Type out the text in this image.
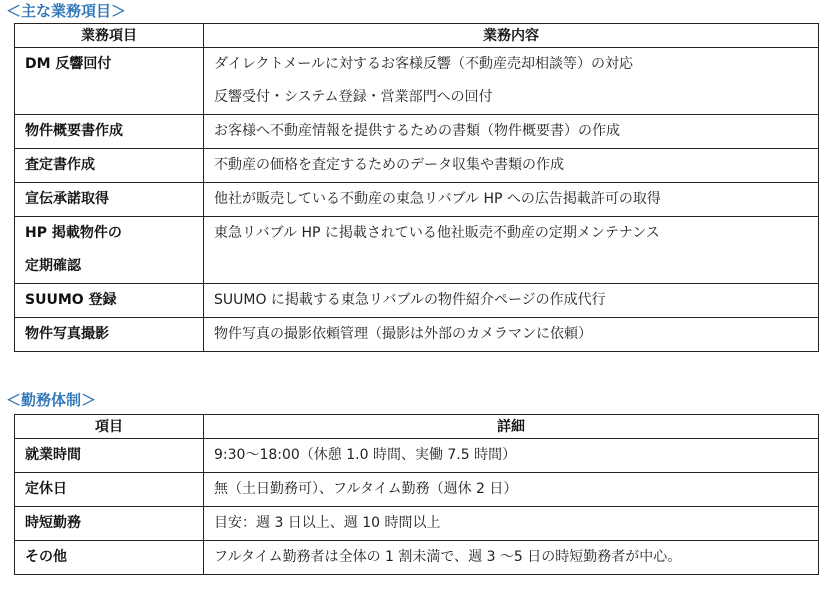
＜主な業務項目＞
業務項目	業務内容

DM 反響回付	ダイレクトメールに対するお客様反響（不動産売却相談等）の対応
反響受付・システム登録・営業部門への回付

物件概要書作成	お客様へ不動産情報を提供するための書類（物件概要書）の作成

査定書作成	不動産の価格を査定するためのデータ収集や書類の作成

宣伝承諾取得	他社が販売している不動産の東急リバブル HP への広告掲載許可の取得

HP 掲載物件の
定期確認	東急リバブル HP に掲載されている他社販売不動産の定期メンテナンス

SUUMO 登録	SUUMO に掲載する東急リバブルの物件紹介ページの作成代行

物件写真撮影	物件写真の撮影依頼管理（撮影は外部のカメラマンに依頼）
＜勤務体制＞
項目	詳細

就業時間	9:30〜18:00（休憩 1.0 時間、実働 7.5 時間）

定休日	無（土日勤務可）、フルタイム勤務（週休 2 日）

時短勤務	目安：週 3 日以上、週 10 時間以上

その他	フルタイム勤務者は全体の 1 割未満で、週 3 〜5 日の時短勤務者が中心。
